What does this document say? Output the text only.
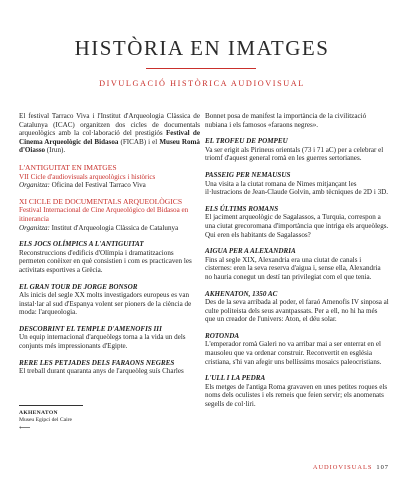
HISTÒRIA EN IMATGES
DIVULGACIÓ HISTÒRICA AUDIOVISUAL

El festival Tarraco Viva i l'Institut d'Arqueologia Clàssica de Catalunya (ICAC) organitzen dos cicles de documentals arqueològics amb la col·laboració del prestigiós Festival de Cinema Arqueològic del Bidasoa (FICAB) i el Museu Romà d'Oiasso (Irun).

L'ANTIGUITAT EN IMATGES

VII Cicle d'audiovisuals arqueològics i històrics

Organitza: Oficina del Festival Tarraco Viva

XI CICLE DE DOCUMENTALS ARQUEOLÒGICS

Festival Internacional de Cine Arqueológico del Bidasoa en itinerancia

Organitza: Institut d'Arqueologia Clàssica de Catalunya

ELS JOCS OLÍMPICS A L'ANTIGUITAT

Reconstruccions d'edificis d'Olímpia i dramatitzacions permeten conèixer en què consistien i com es practicaven les activitats esportives a Grècia.

EL GRAN TOUR DE JORGE BONSOR

Als inicis del segle XX molts investigadors europeus es van instal·lar al sud d'Espanya volent ser pioners de la ciència de moda: l'arqueologia.

DESCOBRINT EL TEMPLE D'AMENOFIS III

Un equip internacional d'arqueòlegs torna a la vida un dels conjunts més impressionants d'Egipte.

RERE LES PETJADES DELS FARAONS NEGRES

El treball durant quaranta anys de l'arqueòleg suís Charles

Bonnet posa de manifest la importància de la civilització nubiana i els famosos «faraons negres».

EL TROFEU DE POMPEU

Va ser erigit als Pirineus orientals (73 i 71 aC) per a celebrar el triomf d'aquest general romà en les guerres sertorianes.

PASSEIG PER NEMAUSUS

Una visita a la ciutat romana de Nimes mitjançant les il·lustracions de Jean-Claude Golvin, amb tècniques de 2D i 3D.

ELS ÚLTIMS ROMANS

El jaciment arqueològic de Sagalassos, a Turquia, correspon a una ciutat grecoromana d'importància que intriga els arqueòlegs. Qui eren els habitants de Sagalassos?

AIGUA PER A ALEXANDRIA

Fins al segle XIX, Alexandria era una ciutat de canals i cisternes: eren la seva reserva d'aigua i, sense ella, Alexandria no hauria conegut un destí tan privilegiat com el que tenia.

AKHENATON, 1350 AC

Des de la seva arribada al poder, el faraó Amenofis IV sinposa al culte politeista dels seus avantpassats. Per a ell, no hi ha més que un creador de l'univers: Aton, el déu solar.

ROTONDA

L'emperador romà Galeri no va arribar mai a ser enterrat en el mausoleu que va ordenar construir. Reconvertit en església cristiana, s'hi van afegir uns bellíssims mosaics paleocristians.

L'ULL I LA PEDRA

Els metges de l'antiga Roma gravaven en unes petites roques els noms dels oculistes i els remeis que feien servir; els anomenats segells de col·liri.

AKHENATON
Museu Egipci del Caire
⟵
AUDIOVISUALS 107
